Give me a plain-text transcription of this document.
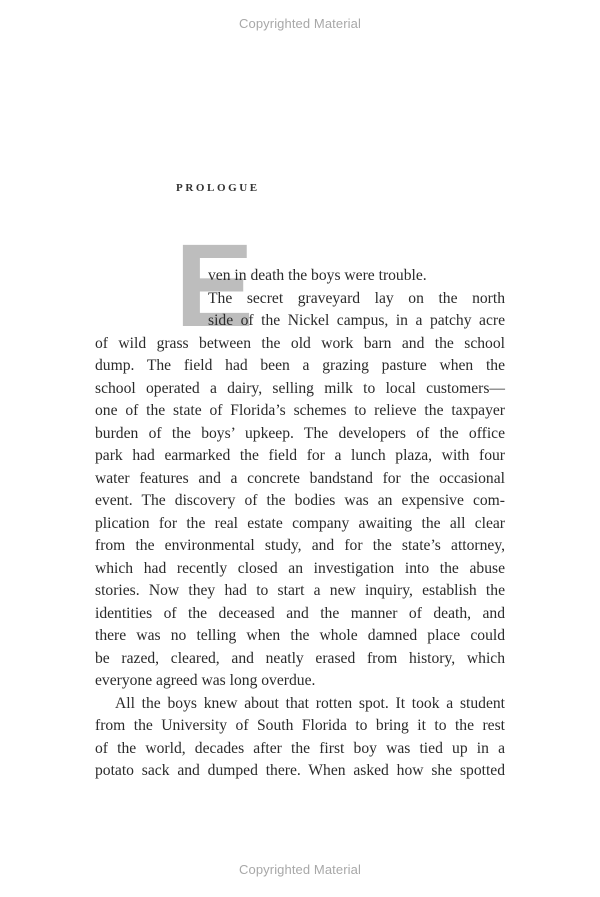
Copyrighted Material
PROLOGUE
E
ven in death the boys were trouble.
The secret graveyard lay on the north
side of the Nickel campus, in a patchy acre
of wild grass between the old work barn and the school
dump. The field had been a grazing pasture when the
school operated a dairy, selling milk to local customers—
one of the state of Florida’s schemes to relieve the taxpayer
burden of the boys’ upkeep. The developers of the office
park had earmarked the field for a lunch plaza, with four
water features and a concrete bandstand for the occasional
event. The discovery of the bodies was an expensive com-
plication for the real estate company awaiting the all clear
from the environmental study, and for the state’s attorney,
which had recently closed an investigation into the abuse
stories. Now they had to start a new inquiry, establish the
identities of the deceased and the manner of death, and
there was no telling when the whole damned place could
be razed, cleared, and neatly erased from history, which
everyone agreed was long overdue.
All the boys knew about that rotten spot. It took a student
from the University of South Florida to bring it to the rest
of the world, decades after the first boy was tied up in a
potato sack and dumped there. When asked how she spotted
Copyrighted Material
